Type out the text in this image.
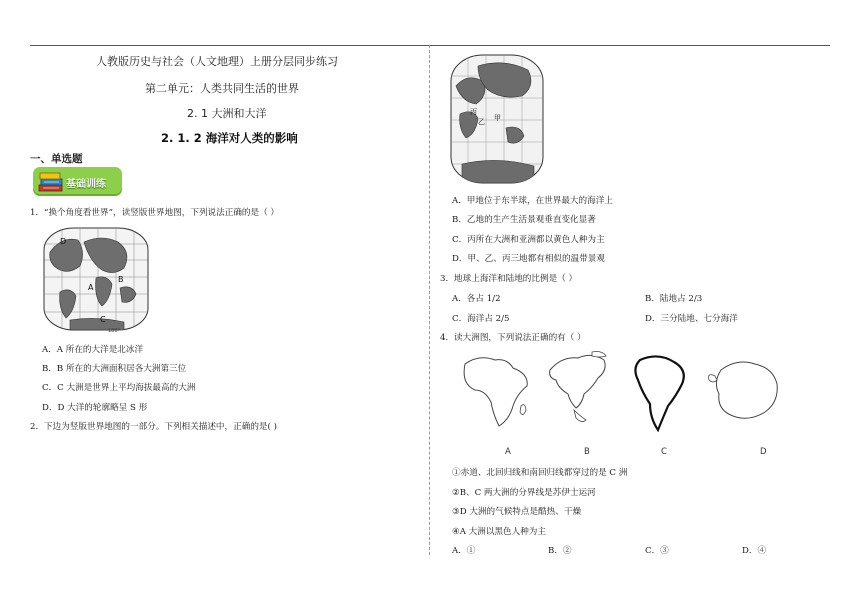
人教版历史与社会（人文地理）上册分层同步练习
第二单元：人类共同生活的世界
2. 1 大洲和大洋
2. 1. 2 海洋对人类的影响
一、单选题
基础训练
1．“换个角度看世界”，读竖版世界地图，下列说法正确的是（ ）
D
A
B
C
180°
A．A 所在的大洋是北冰洋
B．B 所在的大洲面积居各大洲第三位
C．C 大洲是世界上平均海拔最高的大洲
D．D 大洋的轮廓略呈 S 形
2．下边为竖版世界地图的一部分。下列相关描述中，正确的是( )
丙
乙 甲
A．甲地位于东半球，在世界最大的海洋上
B．乙地的生产生活景观垂直变化显著
C．丙所在大洲和亚洲都以黄色人种为主
D．甲、乙、丙三地都有相似的温带景观
3．地球上海洋和陆地的比例是（ ）
A．各占 1/2	B．陆地占 2/3
C．海洋占 2/5	D．三分陆地、七分海洋
4．读大洲图，下列说法正确的有（ ）
A	B	C	D
①赤道、北回归线和南回归线都穿过的是 C 洲
②B、C 两大洲的分界线是苏伊士运河
③D 大洲的气候特点是酷热、干燥
④A 大洲以黑色人种为主
A．①	B．②	C．③	D．④
